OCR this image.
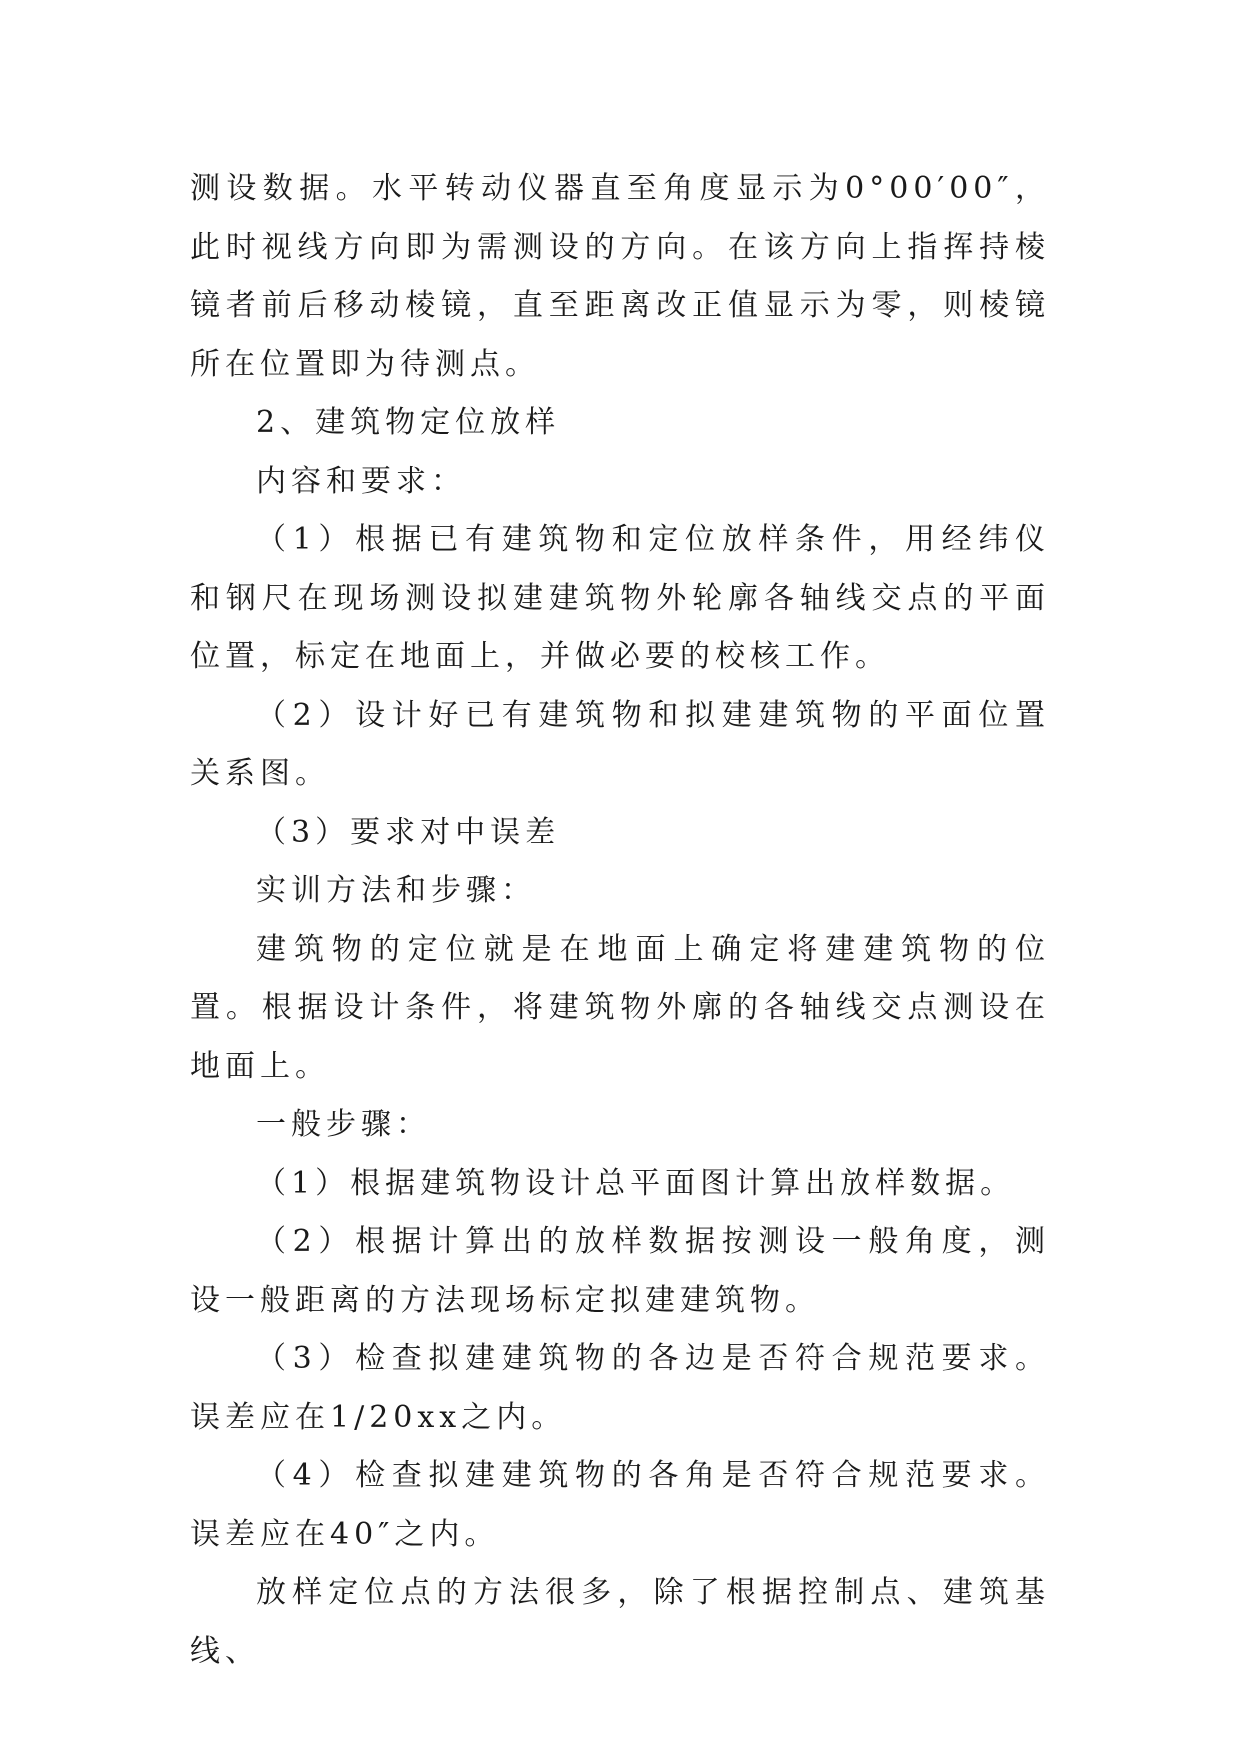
测设数据。水平转动仪器直至角度显示为0°00′00″，此时视线方向即为需测设的方向。在该方向上指挥持棱镜者前后移动棱镜，直至距离改正值显示为零，则棱镜所在位置即为待测点。

2、建筑物定位放样

内容和要求：

（1）根据已有建筑物和定位放样条件，用经纬仪和钢尺在现场测设拟建建筑物外轮廓各轴线交点的平面位置，标定在地面上，并做必要的校核工作。

（2）设计好已有建筑物和拟建建筑物的平面位置关系图。

（3）要求对中误差

实训方法和步骤：

建筑物的定位就是在地面上确定将建建筑物的位置。根据设计条件，将建筑物外廓的各轴线交点测设在地面上。

一般步骤：

（1）根据建筑物设计总平面图计算出放样数据。

（2）根据计算出的放样数据按测设一般角度，测设一般距离的方法现场标定拟建建筑物。

（3）检查拟建建筑物的各边是否符合规范要求。误差应在1/20xx之内。

（4）检查拟建建筑物的各角是否符合规范要求。误差应在40″之内。

放样定位点的方法很多，除了根据控制点、建筑基线、
